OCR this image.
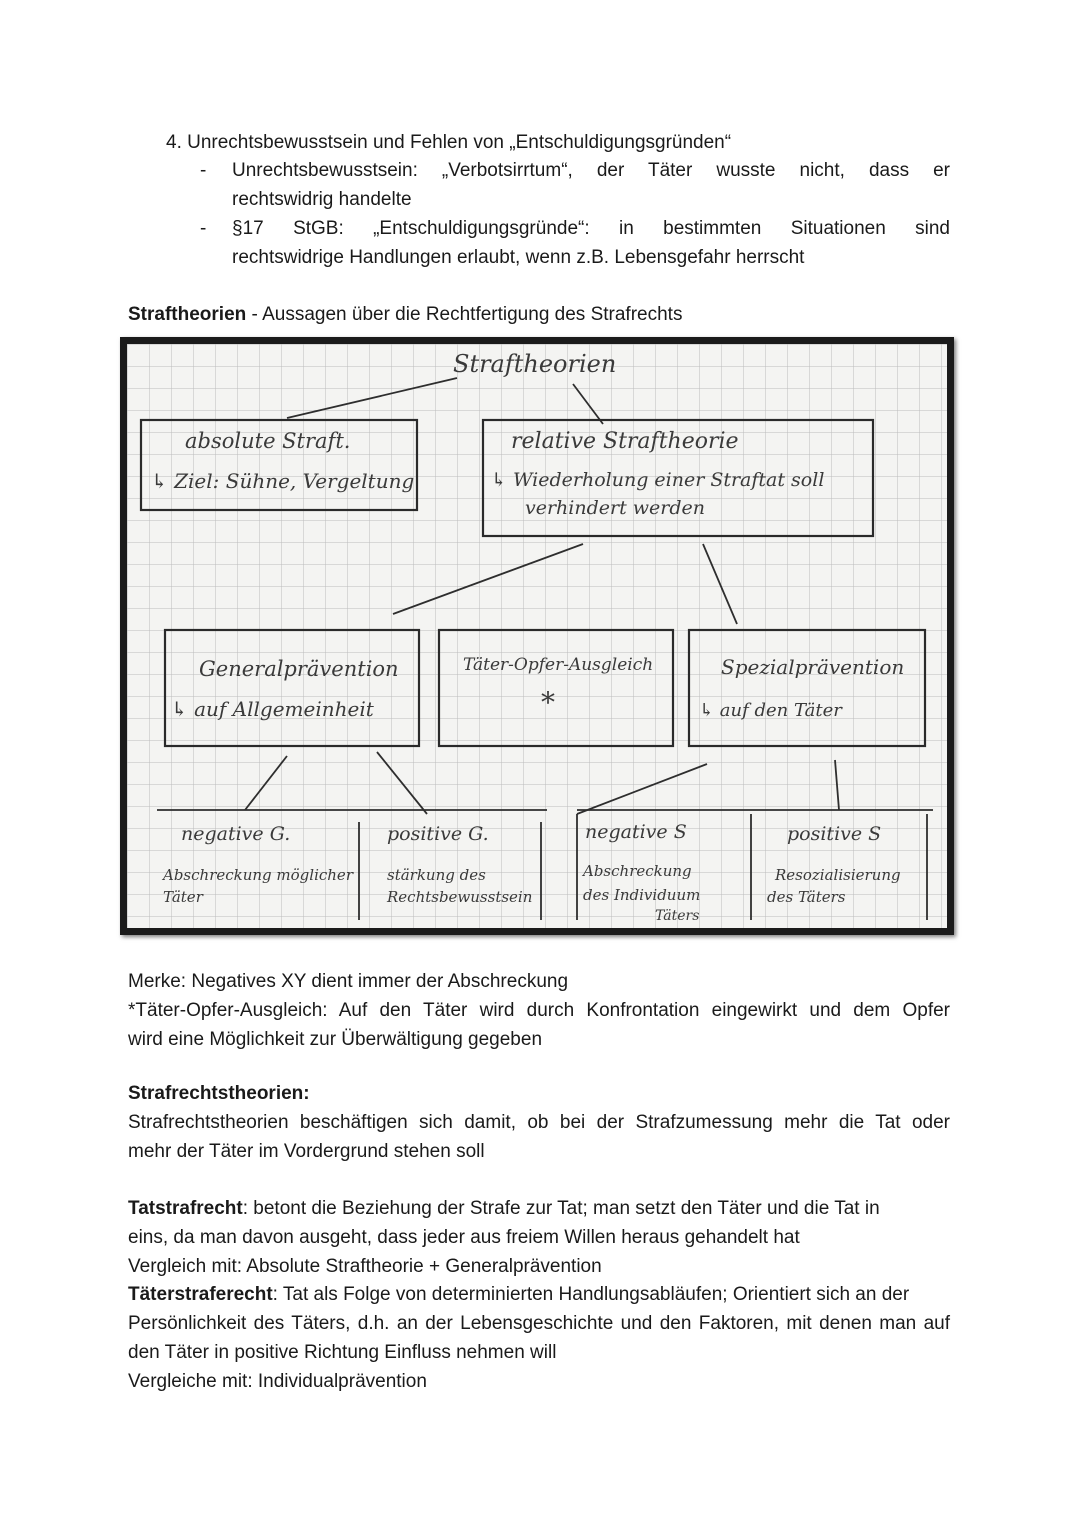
4. Unrechtsbewusstsein und Fehlen von „Entschuldigungsgründen“
- Unrechtsbewusstsein: „Verbotsirrtum“, der Täter wusste nicht, dass er
rechtswidrig handelte
- §17 StGB: „Entschuldigungsgründe“: in bestimmten Situationen sind
rechtswidrige Handlungen erlaubt, wenn z.B. Lebensgefahr herrscht
Straftheorien - Aussagen über die Rechtfertigung des Strafrechts
Straftheorien
absolute Straft.
↳ Ziel: Sühne, Vergeltung
relative Straftheorie
↳ Wiederholung einer Straftat soll
verhindert werden
Generalprävention
↳ auf Allgemeinheit
Täter-Opfer-Ausgleich
*
Spezialprävention
↳ auf den Täter
negative G.
Abschreckung möglicher
Täter
positive G.
stärkung des
Rechtsbewusstsein
negative S
Abschreckung
des Individuum
Täters
positive S
Resozialisierung
des Täters
Merke: Negatives XY dient immer der Abschreckung
*Täter-Opfer-Ausgleich: Auf den Täter wird durch Konfrontation eingewirkt und dem Opfer
wird eine Möglichkeit zur Überwältigung gegeben
Strafrechtstheorien:
Strafrechtstheorien beschäftigen sich damit, ob bei der Strafzumessung mehr die Tat oder
mehr der Täter im Vordergrund stehen soll
Tatstrafrecht: betont die Beziehung der Strafe zur Tat; man setzt den Täter und die Tat in
eins, da man davon ausgeht, dass jeder aus freiem Willen heraus gehandelt hat
Vergleich mit: Absolute Straftheorie + Generalprävention
Täterstraferecht: Tat als Folge von determinierten Handlungsabläufen; Orientiert sich an der
Persönlichkeit des Täters, d.h. an der Lebensgeschichte und den Faktoren, mit denen man auf
den Täter in positive Richtung Einfluss nehmen will
Vergleiche mit: Individualprävention
